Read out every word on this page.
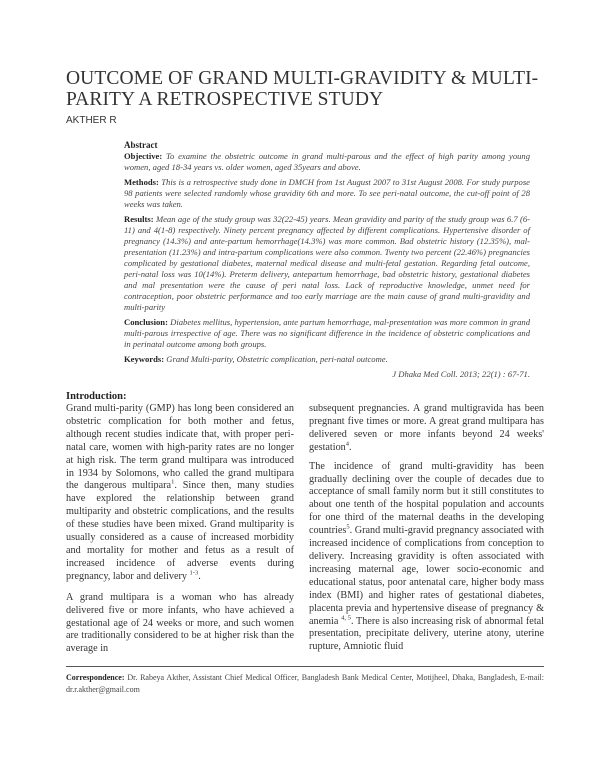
OUTCOME OF GRAND MULTI-GRAVIDITY & MULTI-PARITY A RETROSPECTIVE STUDY
AKTHER R
Abstract

Objective: To examine the obstetric outcome in grand multi-parous and the effect of high parity among young women, aged 18-34 years vs. older women, aged 35years and above.

Methods: This is a retrospective study done in DMCH from 1st August 2007 to 31st August 2008. For study purpose 98 patients were selected randomly whose gravidity 6th and more. To see peri-natal outcome, the cut-off point of 28 weeks was taken.

Results: Mean age of the study group was 32(22-45) years. Mean gravidity and parity of the study group was 6.7 (6-11) and 4(1-8) respectively. Ninety percent pregnancy affected by different complications. Hypertensive disorder of pregnancy (14.3%) and ante-partum hemorrhage(14.3%) was more common. Bad obstetric history (12.35%), mal-presentation (11.23%) and intra-partum complications were also common. Twenty two percent (22.46%) pregnancies complicated by gestational diabetes, maternal medical disease and multi-fetal gestation. Regarding fetal outcome, peri-natal loss was 10(14%). Preterm delivery, antepartum hemorrhage, bad obstetric history, gestational diabetes and mal presentation were the cause of peri natal loss. Lack of reproductive knowledge, unmet need for contraception, poor obstetric performance and too early marriage are the main cause of grand multi-gravidity and multi-parity

Conclusion: Diabetes mellitus, hypertension, ante partum hemorrhage, mal-presentation was more common in grand multi-parous irrespective of age. There was no significant difference in the incidence of obstetric complications and in perinatal outcome among both groups.

Keywords: Grand Multi-parity, Obstetric complication, peri-natal outcome.

J Dhaka Med Coll. 2013; 22(1) : 67-71.
Introduction:

Grand multi-parity (GMP) has long been considered an obstetric complication for both mother and fetus, although recent studies indicate that, with proper peri-natal care, women with high-parity rates are no longer at high risk. The term grand multipara was introduced in 1934 by Solomons, who called the grand multipara the dangerous multipara$^1$. Since then, many studies have explored the relationship between grand multiparity and obstetric complications, and the results of these studies have been mixed. Grand multiparity is usually considered as a cause of increased morbidity and mortality for mother and fetus as a result of increased incidence of adverse events during pregnancy, labor and delivery $^{1-3}$.

A grand multipara is a woman who has already delivered five or more infants, who have achieved a gestational age of 24 weeks or more, and such women are traditionally considered to be at higher risk than the average in

subsequent pregnancies. A grand multigravida has been pregnant five times or more. A great grand multipara has delivered seven or more infants beyond 24 weeks' gestation$^4$.

The incidence of grand multi-gravidity has been gradually declining over the couple of decades due to acceptance of small family norm but it still constitutes to about one tenth of the hospital population and accounts for one third of the maternal deaths in the developing countries$^5$. Grand multi-gravid pregnancy associated with increased incidence of complications from conception to delivery. Increasing gravidity is often associated with increasing maternal age, lower socio-economic and educational status, poor antenatal care, higher body mass index (BMI) and higher rates of gestational diabetes, placenta previa and hypertensive disease of pregnancy & anemia $^{4, 5}$. There is also increasing risk of abnormal fetal presentation, precipitate delivery, uterine atony, uterine rupture, Amniotic fluid

Correspondence: Dr. Rabeya Akther, Assistant Chief Medical Officer, Bangladesh Bank Medical Center, Motijheel, Dhaka, Bangladesh, E-mail: dr.r.akther@gmail.com
